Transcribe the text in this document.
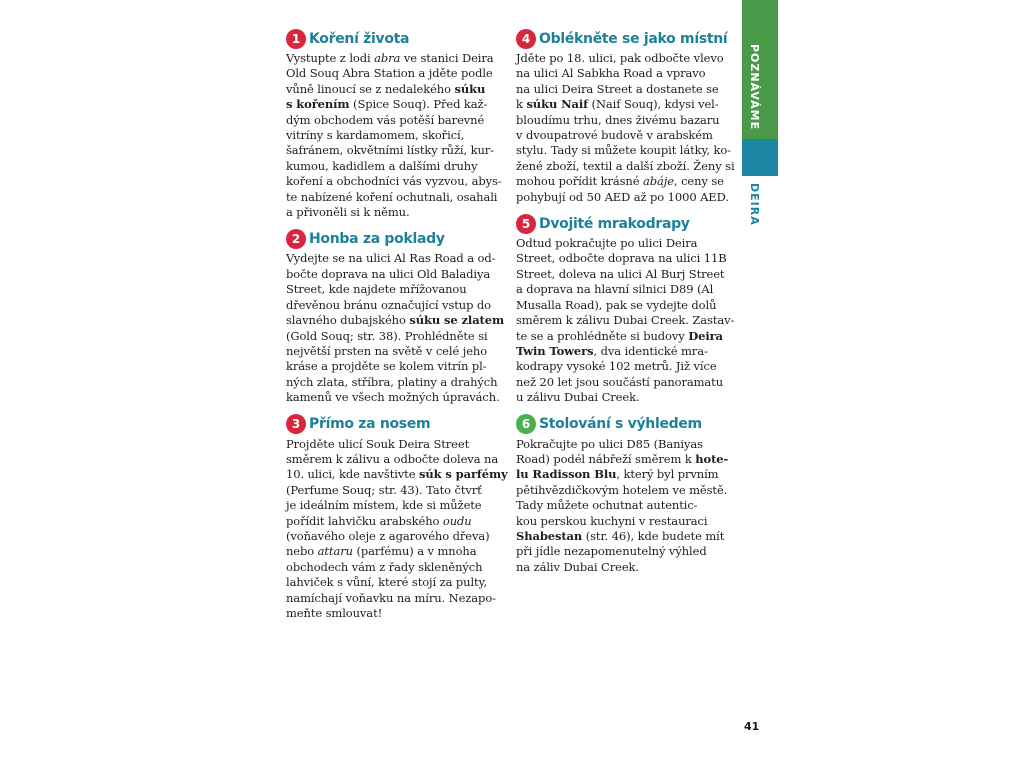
1 Koření života
Vystupte z lodi abra ve stanici Deira
Old Souq Abra Station a jděte podle
vůně linoucí se z nedalekého súku
s kořením (Spice Souq). Před kaž-
dým obchodem vás potěší barevné
vitríny s kardamomem, skořicí,
šafránem, okvětními lístky růží, kur-
kumou, kadidlem a dalšími druhy
koření a obchodníci vás vyzvou, abys-
te nabízené koření ochutnali, osahali
a přivoněli si k němu.
2 Honba za poklady
Vydejte se na ulici Al Ras Road a od-
bočte doprava na ulici Old Baladiya
Street, kde najdete mřížovanou
dřevěnou bránu označující vstup do
slavného dubajského súku se zlatem
(Gold Souq; str. 38). Prohlédněte si
největší prsten na světě v celé jeho
kráse a projděte se kolem vitrín pl-
ných zlata, stříbra, platiny a drahých
kamenů ve všech možných úpravách.
3 Přímo za nosem
Projděte ulicí Souk Deira Street
směrem k zálivu a odbočte doleva na
10. ulici, kde navštivte súk s parfémy
(Perfume Souq; str. 43). Tato čtvrť
je ideálním místem, kde si můžete
pořídit lahvičku arabského oudu
(voňavého oleje z agarového dřeva)
nebo attaru (parfému) a v mnoha
obchodech vám z řady skleněných
lahviček s vůní, které stojí za pulty,
namíchají voňavku na míru. Nezapo-
meňte smlouvat!
4 Oblékněte se jako místní
Jděte po 18. ulici, pak odbočte vlevo
na ulici Al Sabkha Road a vpravo
na ulici Deira Street a dostanete se
k súku Naif (Naif Souq), kdysi vel-
bloudímu trhu, dnes živému bazaru
v dvoupatrové budově v arabském
stylu. Tady si můžete koupit látky, ko-
žené zboží, textil a další zboží. Ženy si
mohou pořídit krásné abáje, ceny se
pohybují od 50 AED až po 1000 AED.
5 Dvojité mrakodrapy
Odtud pokračujte po ulici Deira
Street, odbočte doprava na ulici 11B
Street, doleva na ulici Al Burj Street
a doprava na hlavní silnici D89 (Al
Musalla Road), pak se vydejte dolů
směrem k zálivu Dubai Creek. Zastav-
te se a prohlédněte si budovy Deira
Twin Towers, dva identické mra-
kodrapy vysoké 102 metrů. Již více
než 20 let jsou součástí panoramatu
u zálivu Dubai Creek.
6 Stolování s výhledem
Pokračujte po ulici D85 (Baniyas
Road) podél nábřeží směrem k hote-
lu Radisson Blu, který byl prvním
pětihvězdičkovým hotelem ve městě.
Tady můžete ochutnat autentic-
kou perskou kuchyni v restauraci
Shabestan (str. 46), kde budete mít
při jídle nezapomenutelný výhled
na záliv Dubai Creek.
POZNÁVÁME
DEIRA
41
